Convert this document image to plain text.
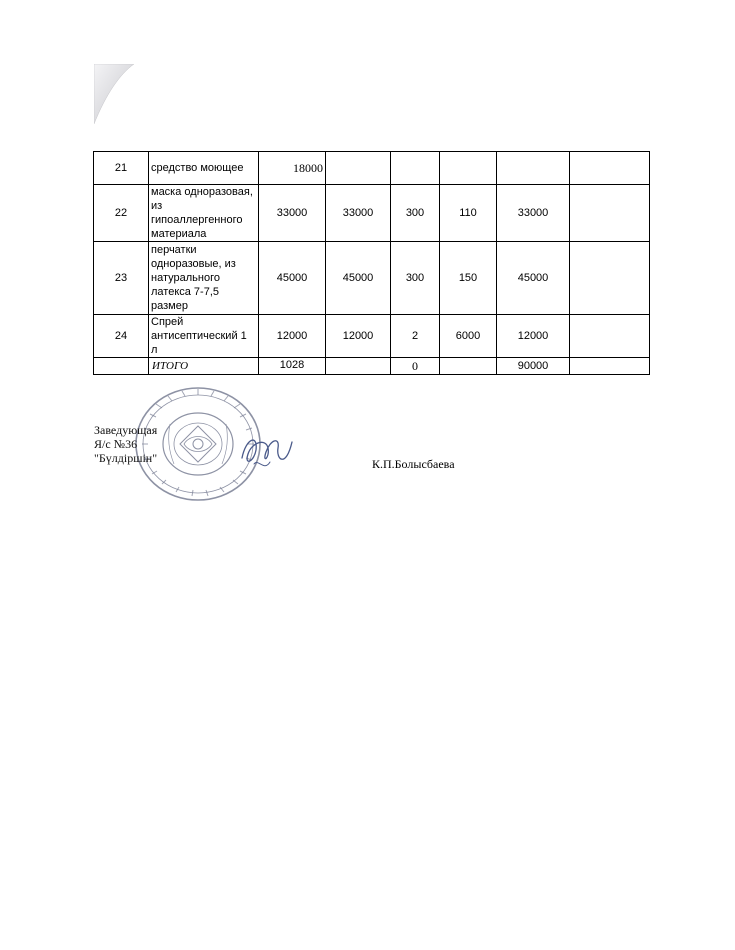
21	средство моющее	18000					
22	маска одноразовая, из гипоаллергенного материала	33000	33000	300	110	33000	
23	перчатки одноразовые, из натурального латекса 7-7,5 размер	45000	45000	300	150	45000	
24	Спрей антисептический 1 л	12000	12000	2	6000	12000	
	ИТОГО	1028		0		90000	
Заведующая
Я/с №36
"Бүлдіршін"	К.П.Болысбаева
